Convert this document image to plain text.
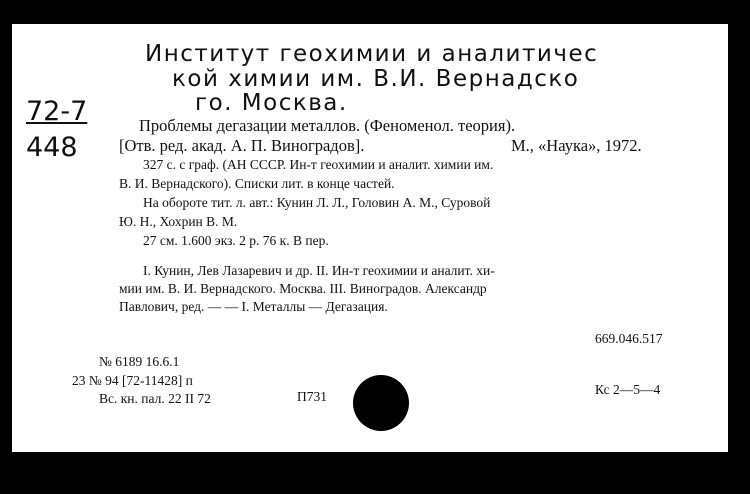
Институт геохимии и аналитичес
кой химии им. В.И. Вернадско
го. Москва.
72-7
448
Проблемы дегазации металлов. (Феноменол. теория).
[Отв. ред. акад. А. П. Виноградов].	М., «Наука», 1972.
327 с. с граф. (АН СССР. Ин-т геохимии и аналит. химии им.
В. И. Вернадского). Списки лит. в конце частей.
На обороте тит. л. авт.: Кунин Л. Л., Головин А. М., Суровой
Ю. Н., Хохрин В. М.
27 см. 1.600 экз. 2 р. 76 к. В пер.
I. Кунин, Лев Лазаревич и др. II. Ин-т геохимии и аналит. хи-
мии им. В. И. Вернадского. Москва. III. Виноградов. Александр
Павлович, ред. — — I. Металлы — Дегазация.
669.046.517
№ 6189 16.6.1
23 № 94 [72-11428] п
Вс. кн. пал. 22 II 72	П731	Кс 2—5—4
